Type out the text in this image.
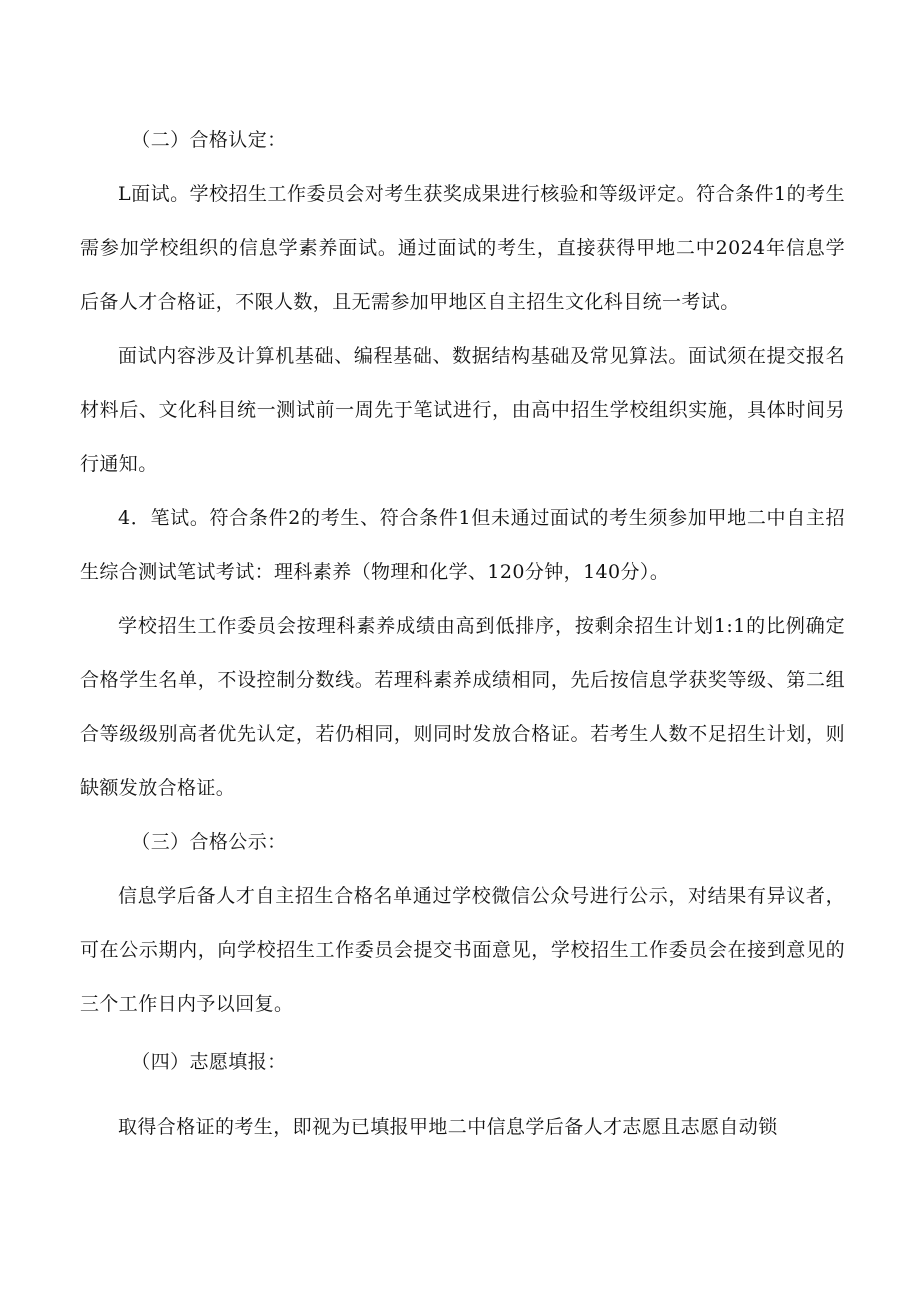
（二）合格认定：

L面试。学校招生工作委员会对考生获奖成果进行核验和等级评定。符合条件1的考生需参加学校组织的信息学素养面试。通过面试的考生，直接获得甲地二中2024年信息学后备人才合格证，不限人数，且无需参加甲地区自主招生文化科目统一考试。

面试内容涉及计算机基础、编程基础、数据结构基础及常见算法。面试须在提交报名材料后、文化科目统一测试前一周先于笔试进行，由高中招生学校组织实施，具体时间另行通知。

4．笔试。符合条件2的考生、符合条件1但未通过面试的考生须参加甲地二中自主招生综合测试笔试考试：理科素养（物理和化学、120分钟，140分）。

学校招生工作委员会按理科素养成绩由高到低排序，按剩余招生计划1:1的比例确定合格学生名单，不设控制分数线。若理科素养成绩相同，先后按信息学获奖等级、第二组合等级级别高者优先认定，若仍相同，则同时发放合格证。若考生人数不足招生计划，则缺额发放合格证。

（三）合格公示：

信息学后备人才自主招生合格名单通过学校微信公众号进行公示，对结果有异议者，可在公示期内，向学校招生工作委员会提交书面意见，学校招生工作委员会在接到意见的三个工作日内予以回复。

（四）志愿填报：

取得合格证的考生，即视为已填报甲地二中信息学后备人才志愿且志愿自动锁
